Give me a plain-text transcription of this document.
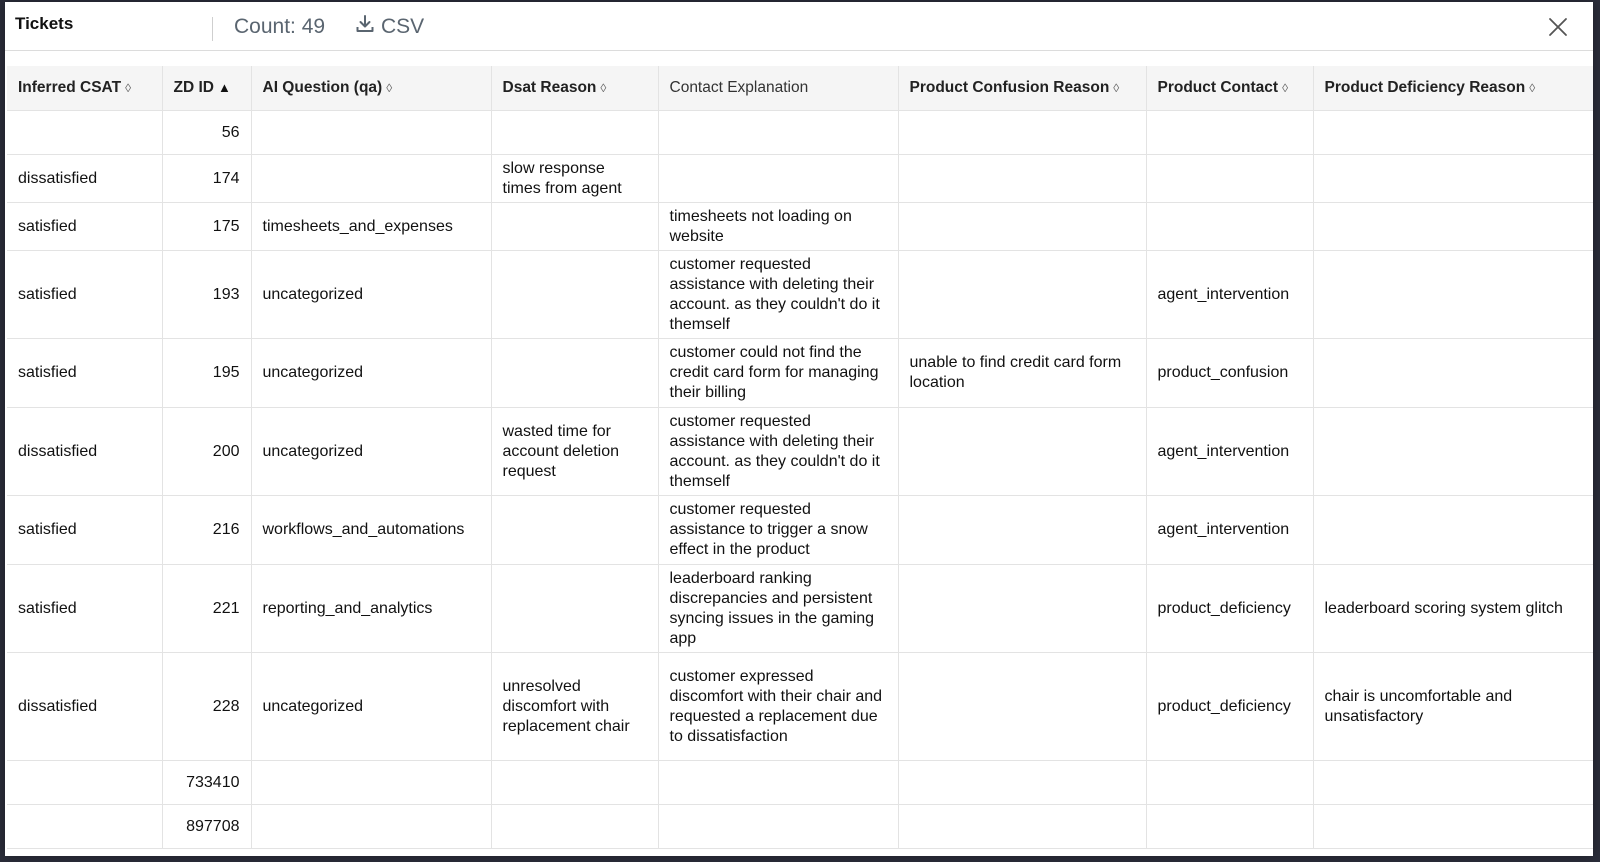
Tickets	Count: 49	CSV
Inferred CSAT ◊	ZD ID ▲	AI Question (qa) ◊	Dsat Reason ◊	Contact Explanation	Product Confusion Reason ◊	Product Contact ◊	Product Deficiency Reason ◊
	56						
dissatisfied	174		slow response times from agent				
satisfied	175	timesheets_and_expenses		timesheets not loading on website			
satisfied	193	uncategorized		customer requested assistance with deleting their account. as they couldn't do it themself		agent_intervention	
satisfied	195	uncategorized		customer could not find the credit card form for managing their billing	unable to find credit card form location	product_confusion	
dissatisfied	200	uncategorized	wasted time for account deletion request	customer requested assistance with deleting their account. as they couldn't do it themself		agent_intervention	
satisfied	216	workflows_and_automations		customer requested assistance to trigger a snow effect in the product		agent_intervention	
satisfied	221	reporting_and_analytics		leaderboard ranking discrepancies and persistent syncing issues in the gaming app		product_deficiency	leaderboard scoring system glitch
dissatisfied	228	uncategorized	unresolved discomfort with replacement chair	customer expressed discomfort with their chair and requested a replacement due to dissatisfaction		product_deficiency	chair is uncomfortable and unsatisfactory
	733410						
	897708						
